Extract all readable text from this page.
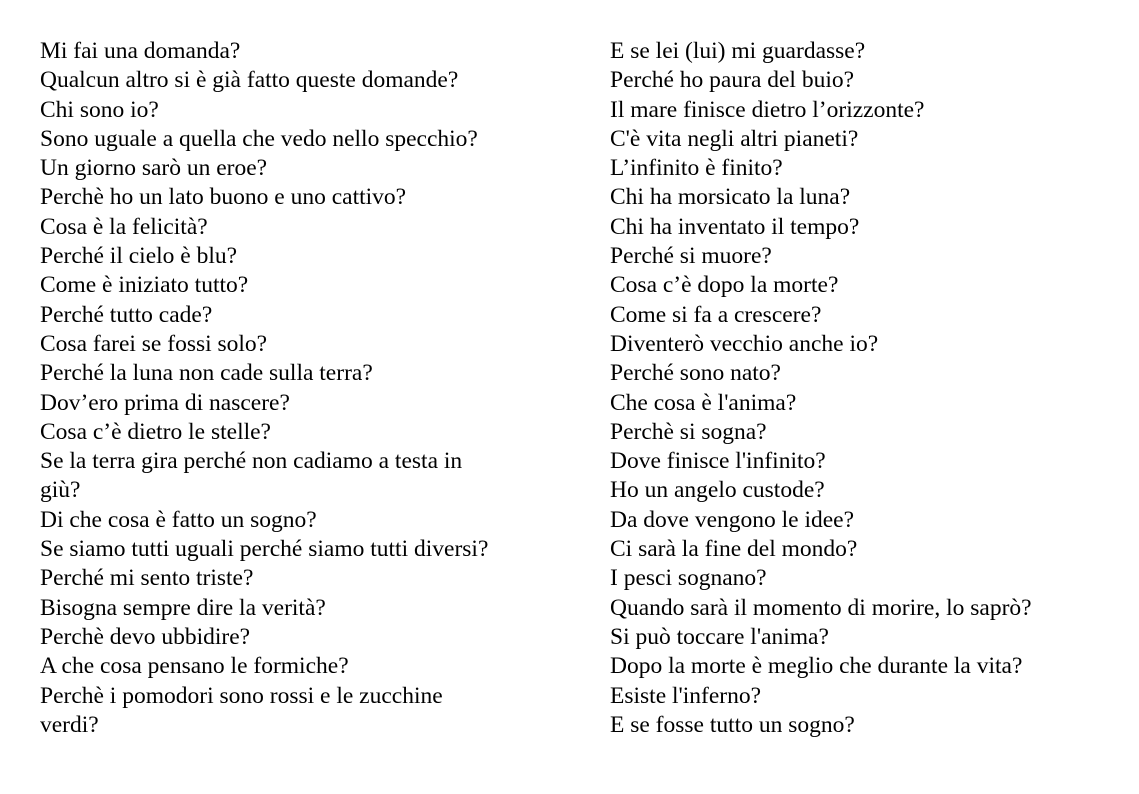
Mi fai una domanda?
Qualcun altro si è già fatto queste domande?
Chi sono io?
Sono uguale a quella che vedo nello specchio?
Un giorno sarò un eroe?
Perchè ho un lato buono e uno cattivo?
Cosa è la felicità?
Perché il cielo è blu?
Come è iniziato tutto?
Perché tutto cade?
Cosa farei se fossi solo?
Perché la luna non cade sulla terra?
Dov’ero prima di nascere?
Cosa c’è dietro le stelle?
Se la terra gira perché non cadiamo a testa in
giù?
Di che cosa è fatto un sogno?
Se siamo tutti uguali perché siamo tutti diversi?
Perché mi sento triste?
Bisogna sempre dire la verità?
Perchè devo ubbidire?
A che cosa pensano le formiche?
Perchè i pomodori sono rossi e le zucchine
verdi?
E se lei (lui) mi guardasse?
Perché ho paura del buio?
Il mare finisce dietro l’orizzonte?
C'è vita negli altri pianeti?
L’infinito è finito?
Chi ha morsicato la luna?
Chi ha inventato il tempo?
Perché si muore?
Cosa c’è dopo la morte?
Come si fa a crescere?
Diventerò vecchio anche io?
Perché sono nato?
Che cosa è l'anima?
Perchè si sogna?
Dove finisce l'infinito?
Ho un angelo custode?
Da dove vengono le idee?
Ci sarà la fine del mondo?
I pesci sognano?
Quando sarà il momento di morire, lo saprò?
Si può toccare l'anima?
Dopo la morte è meglio che durante la vita?
Esiste l'inferno?
E se fosse tutto un sogno?
